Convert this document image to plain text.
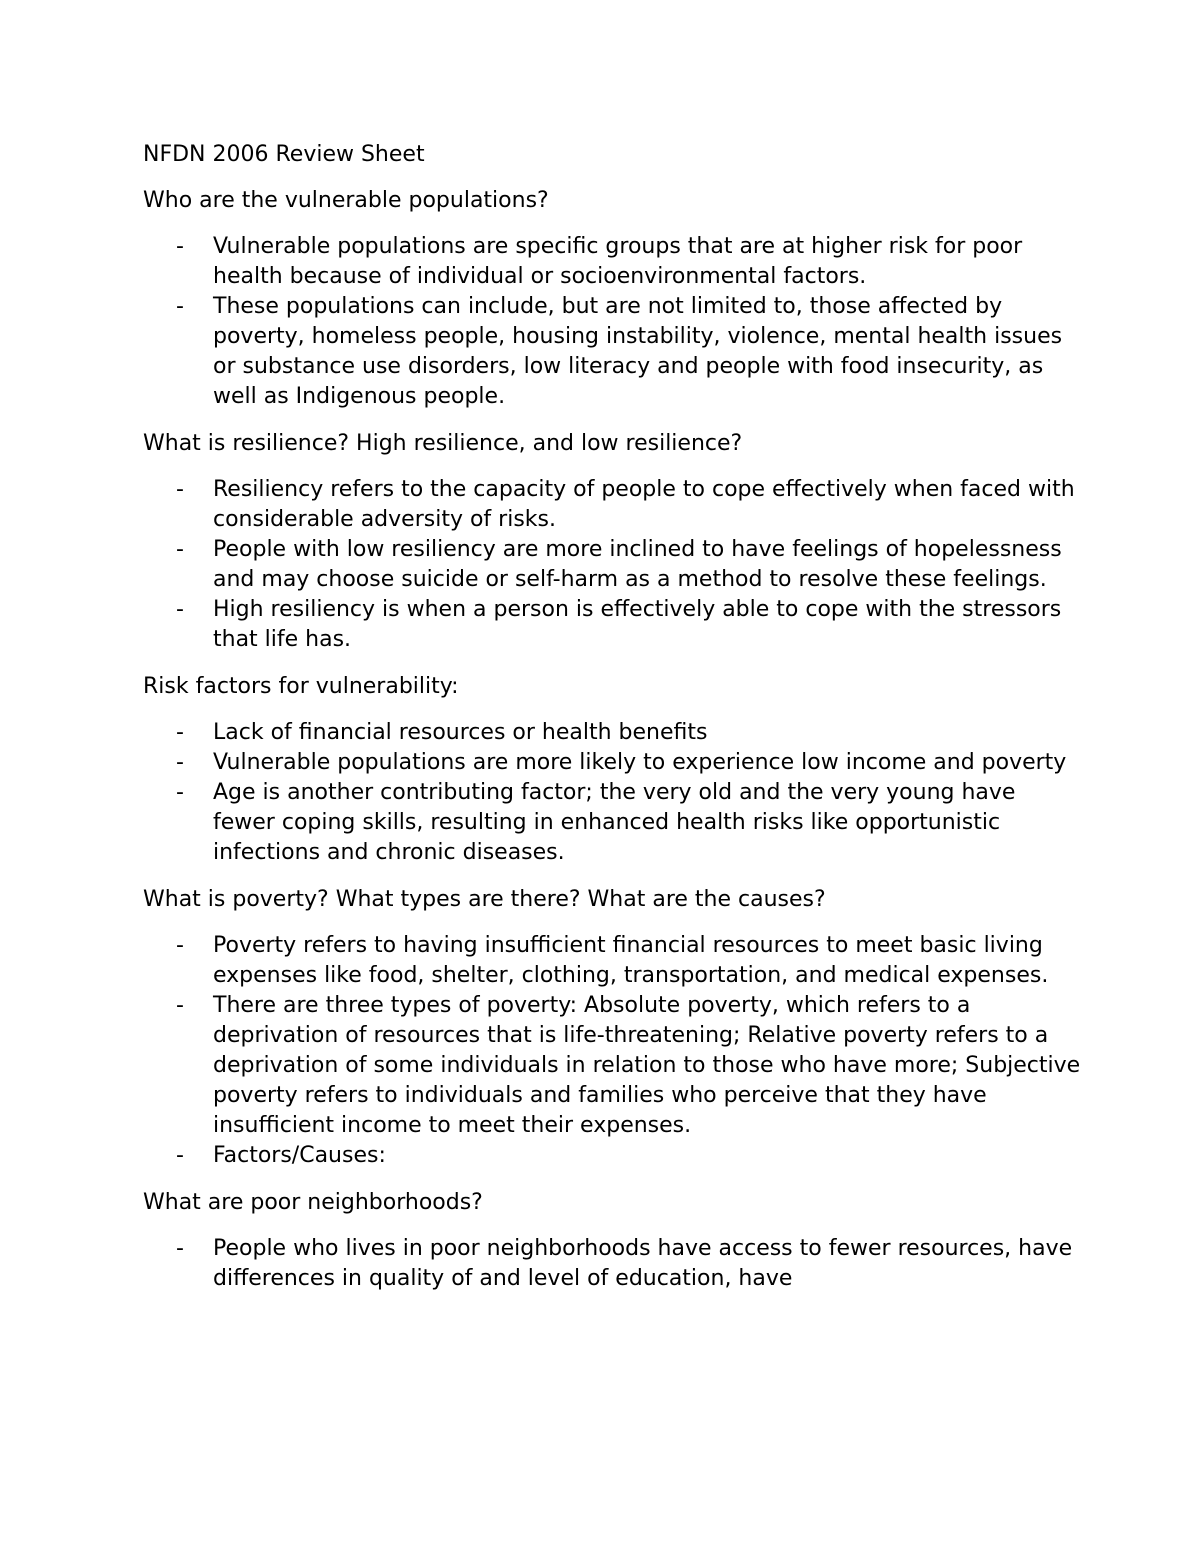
NFDN 2006 Review Sheet

Who are the vulnerable populations?

- Vulnerable populations are specific groups that are at higher risk for poor health because of individual or socioenvironmental factors.
- These populations can include, but are not limited to, those affected by poverty, homeless people, housing instability, violence, mental health issues or substance use disorders, low literacy and people with food insecurity, as well as Indigenous people.

What is resilience? High resilience, and low resilience?

- Resiliency refers to the capacity of people to cope effectively when faced with considerable adversity of risks.
- People with low resiliency are more inclined to have feelings of hopelessness and may choose suicide or self-harm as a method to resolve these feelings.
- High resiliency is when a person is effectively able to cope with the stressors that life has.

Risk factors for vulnerability:

- Lack of financial resources or health benefits
- Vulnerable populations are more likely to experience low income and poverty
- Age is another contributing factor; the very old and the very young have fewer coping skills, resulting in enhanced health risks like opportunistic infections and chronic diseases.

What is poverty? What types are there? What are the causes?

- Poverty refers to having insufficient financial resources to meet basic living expenses like food, shelter, clothing, transportation, and medical expenses.
- There are three types of poverty: Absolute poverty, which refers to a deprivation of resources that is life-threatening; Relative poverty refers to a deprivation of some individuals in relation to those who have more; Subjective poverty refers to individuals and families who perceive that they have insufficient income to meet their expenses.
- Factors/Causes:

What are poor neighborhoods?

- People who lives in poor neighborhoods have access to fewer resources, have differences in quality of and level of education, have
